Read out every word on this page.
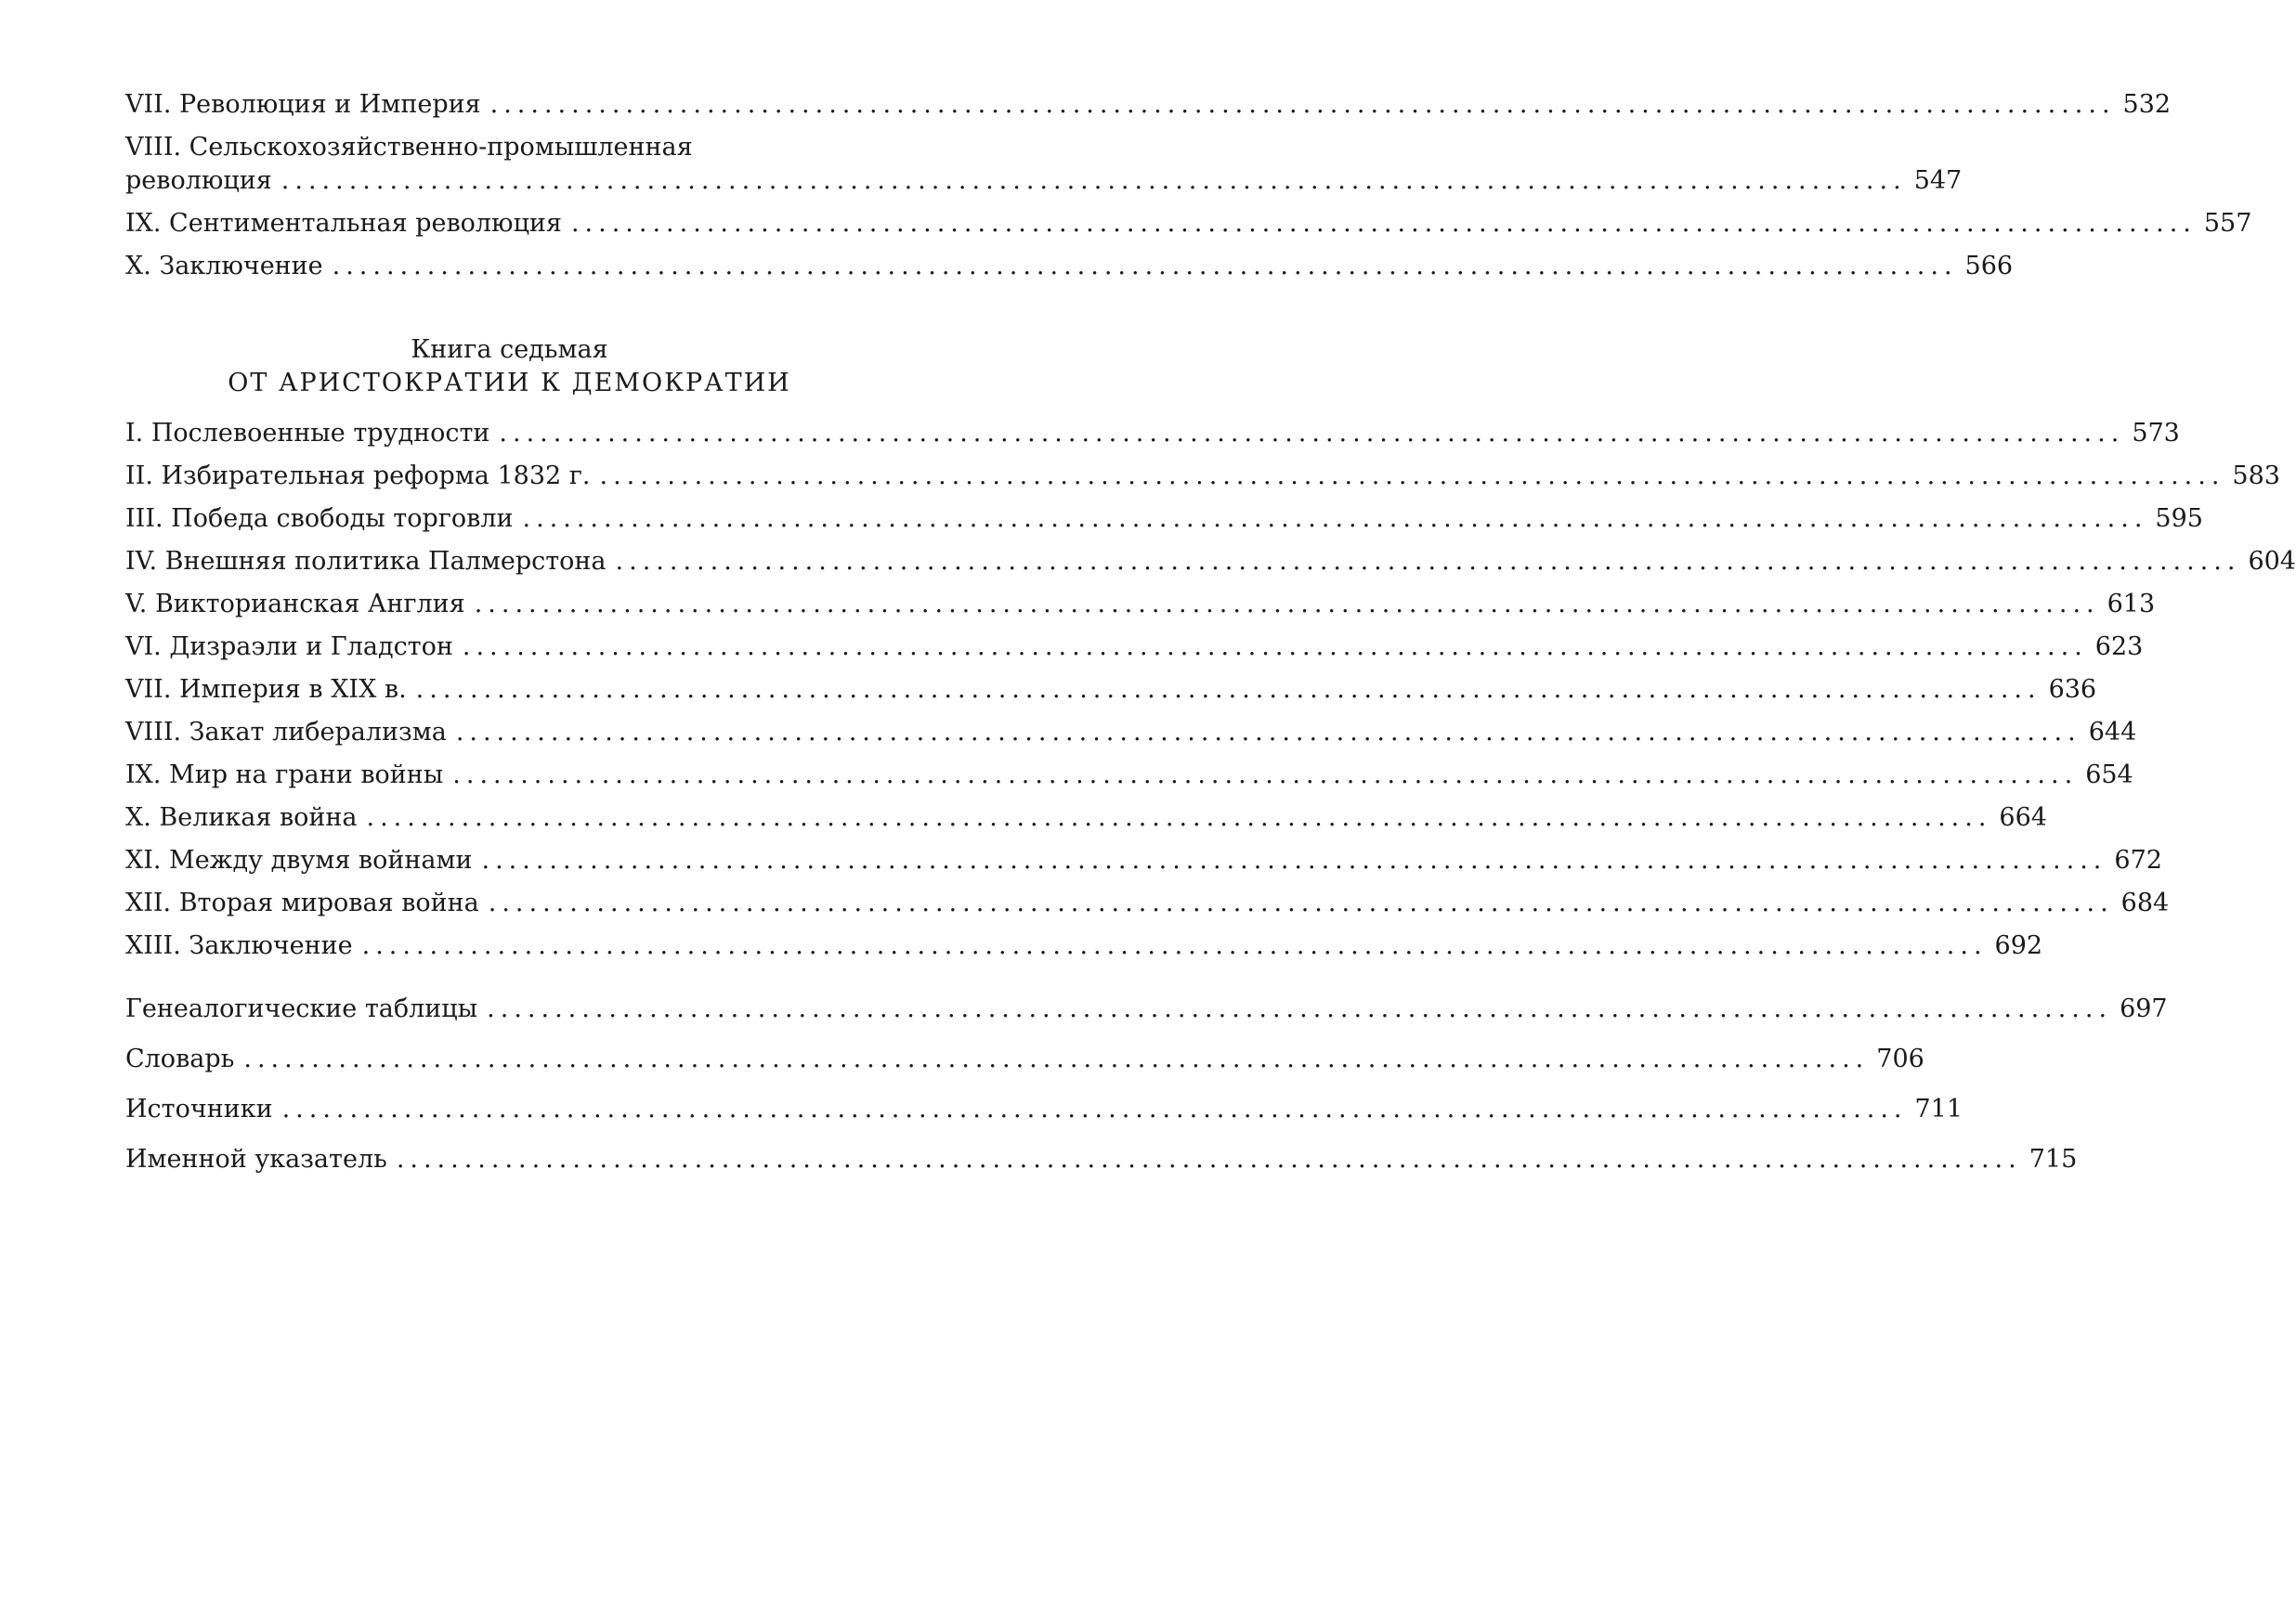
VII. Революция и Империя ........................................................................................................................ 532
VIII. Сельскохозяйственно-промышленная
революция ........................................................................................................................ 547
IX. Сентиментальная революция ........................................................................................................................ 557
X. Заключение ........................................................................................................................ 566
Книга седьмая
ОТ АРИСТОКРАТИИ К ДЕМОКРАТИИ
I. Послевоенные трудности ........................................................................................................................ 573
II. Избирательная реформа 1832 г. ........................................................................................................................ 583
III. Победа свободы торговли ........................................................................................................................ 595
IV. Внешняя политика Палмерстона ........................................................................................................................ 604
V. Викторианская Англия ........................................................................................................................ 613
VI. Дизраэли и Гладстон ........................................................................................................................ 623
VII. Империя в XIX в. ........................................................................................................................ 636
VIII. Закат либерализма ........................................................................................................................ 644
IX. Мир на грани войны ........................................................................................................................ 654
X. Великая война ........................................................................................................................ 664
XI. Между двумя войнами ........................................................................................................................ 672
XII. Вторая мировая война ........................................................................................................................ 684
XIII. Заключение ........................................................................................................................ 692
Генеалогические таблицы ........................................................................................................................ 697
Словарь ........................................................................................................................ 706
Источники ........................................................................................................................ 711
Именной указатель ........................................................................................................................ 715
